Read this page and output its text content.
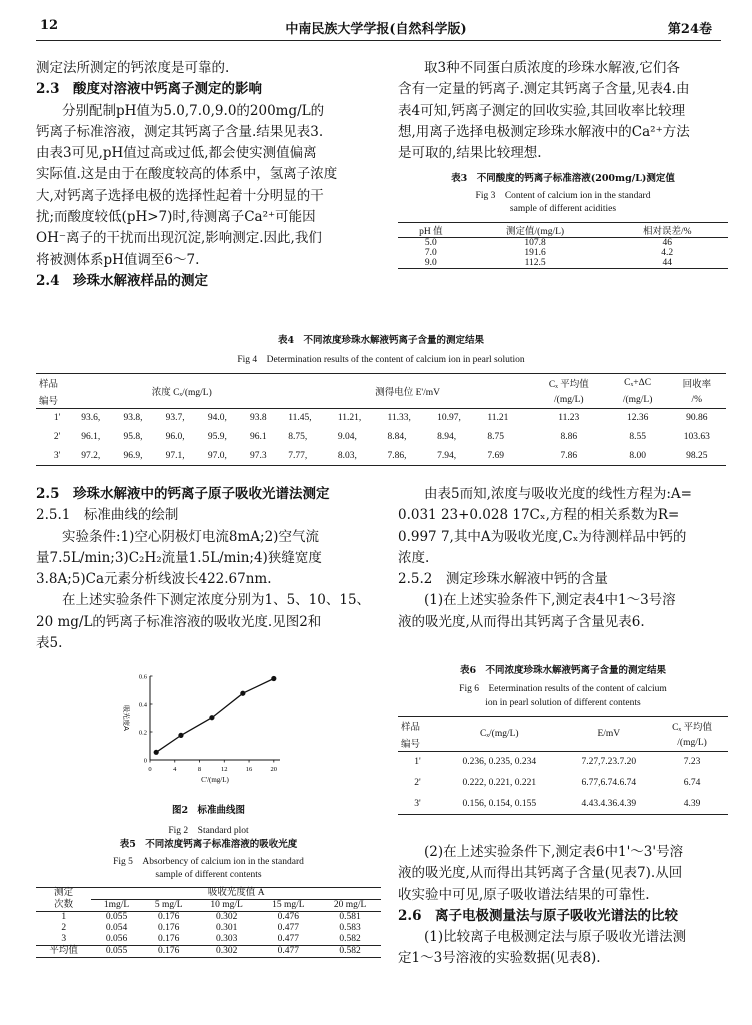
12	中南民族大学学报(自然科学版)	第24卷
测定法所测定的钙浓度是可靠的.
2.3　酸度对溶液中钙离子测定的影响
分别配制pH值为5.0,7.0,9.0的200mg/L的
钙离子标准溶液，测定其钙离子含量.结果见表3.
由表3可见,pH值过高或过低,都会使实测值偏离
实际值.这是由于在酸度较高的体系中，氢离子浓度
大,对钙离子选择电极的选择性起着十分明显的干
扰;而酸度较低(pH>7)时,待测离子Ca²⁺可能因
OH⁻离子的干扰而出现沉淀,影响测定.因此,我们
将被测体系pH值调至6～7.
2.4　珍珠水解液样品的测定
取3种不同蛋白质浓度的珍珠水解液,它们各
含有一定量的钙离子.测定其钙离子含量,见表4.由
表4可知,钙离子测定的回收实验,其回收率比较理
想,用离子选择电极测定珍珠水解液中的Ca²⁺方法
是可取的,结果比较理想.
表3　不同酸度的钙离子标准溶液(200mg/L)测定值
Fig 3　Content of calcium ion in the standard
sample of different acidities
pH 值	测定值/(mg/L)	相对误差/%
5.0	107.8	46
7.0	191.6	4.2
9.0	112.5	44
表4　不同浓度珍珠水解液钙离子含量的测定结果
Fig 4　Determination results of the content of calcium ion in pearl solution
样品	浓度 Cₓ/(mg/L)					测得电位 E'/mV					Cₓ 平均值	Cₓ+ΔC	回收率
编号											/(mg/L)	/(mg/L)	/%
1'	93.6,	93.8,	93.7,	94.0,	93.8	11.45,	11.21,	11.33,	10.97,	11.21	11.23	12.36	90.86
2'	96.1,	95.8,	96.0,	95.9,	96.1	8.75,	9.04,	8.84,	8.94,	8.75	8.86	8.55	103.63
3'	97.2,	96.9,	97.1,	97.0,	97.3	7.77,	8.03,	7.86,	7.94,	7.69	7.86	8.00	98.25
2.5　珍珠水解液中的钙离子原子吸收光谱法测定
2.5.1　标准曲线的绘制
实验条件:1)空心阴极灯电流8mA;2)空气流
量7.5L/min;3)C₂H₂流量1.5L/min;4)狭缝宽度
3.8A;5)Ca元素分析线波长422.67nm.
在上述实验条件下测定浓度分别为1、5、10、15、
20 mg/L的钙离子标准溶液的吸收光度.见图2和
表5.
0	4	8	12	16	20
0
0.2
0.4
0.6
吸光度A
C'/(mg/L)
图2　标准曲线图
Fig 2　Standard plot
表5　不同浓度钙离子标准溶液的吸收光度
Fig 5　Absorbency of calcium ion in the standard
sample of different contents
测定	吸收光度值 A				
次数	1mg/L	5 mg/L	10 mg/L	15 mg/L	20 mg/L
1	0.055	0.176	0.302	0.476	0.581
2	0.054	0.176	0.301	0.477	0.583
3	0.056	0.176	0.303	0.477	0.582
平均值	0.055	0.176	0.302	0.477	0.582
由表5而知,浓度与吸收光度的线性方程为:A=
0.031 23+0.028 17Cₓ,方程的相关系数为R=
0.997 7,其中A为吸收光度,Cₓ为待测样品中钙的
浓度.
2.5.2　测定珍珠水解液中钙的含量
(1)在上述实验条件下,测定表4中1～3号溶
液的吸光度,从而得出其钙离子含量见表6.
表6　不同浓度珍珠水解液钙离子含量的测定结果
Fig 6　Eetermination results of the content of calcium
ion in pearl solution of different contents
样品	Cₓ/(mg/L)	E/mV	Cₓ 平均值
编号			/(mg/L)
1'	0.236, 0.235, 0.234	7.27,7.23.7.20	7.23
2'	0.222, 0.221, 0.221	6.77,6.74.6.74	6.74
3'	0.156, 0.154, 0.155	4.43.4.36.4.39	4.39
(2)在上述实验条件下,测定表6中1'～3'号溶
液的吸光度,从而得出其钙离子含量(见表7).从回
收实验中可见,原子吸收谱法结果的可靠性.
2.6　离子电极测量法与原子吸收光谱法的比较
(1)比较离子电极测定法与原子吸收光谱法测
定1～3号溶液的实验数据(见表8).
